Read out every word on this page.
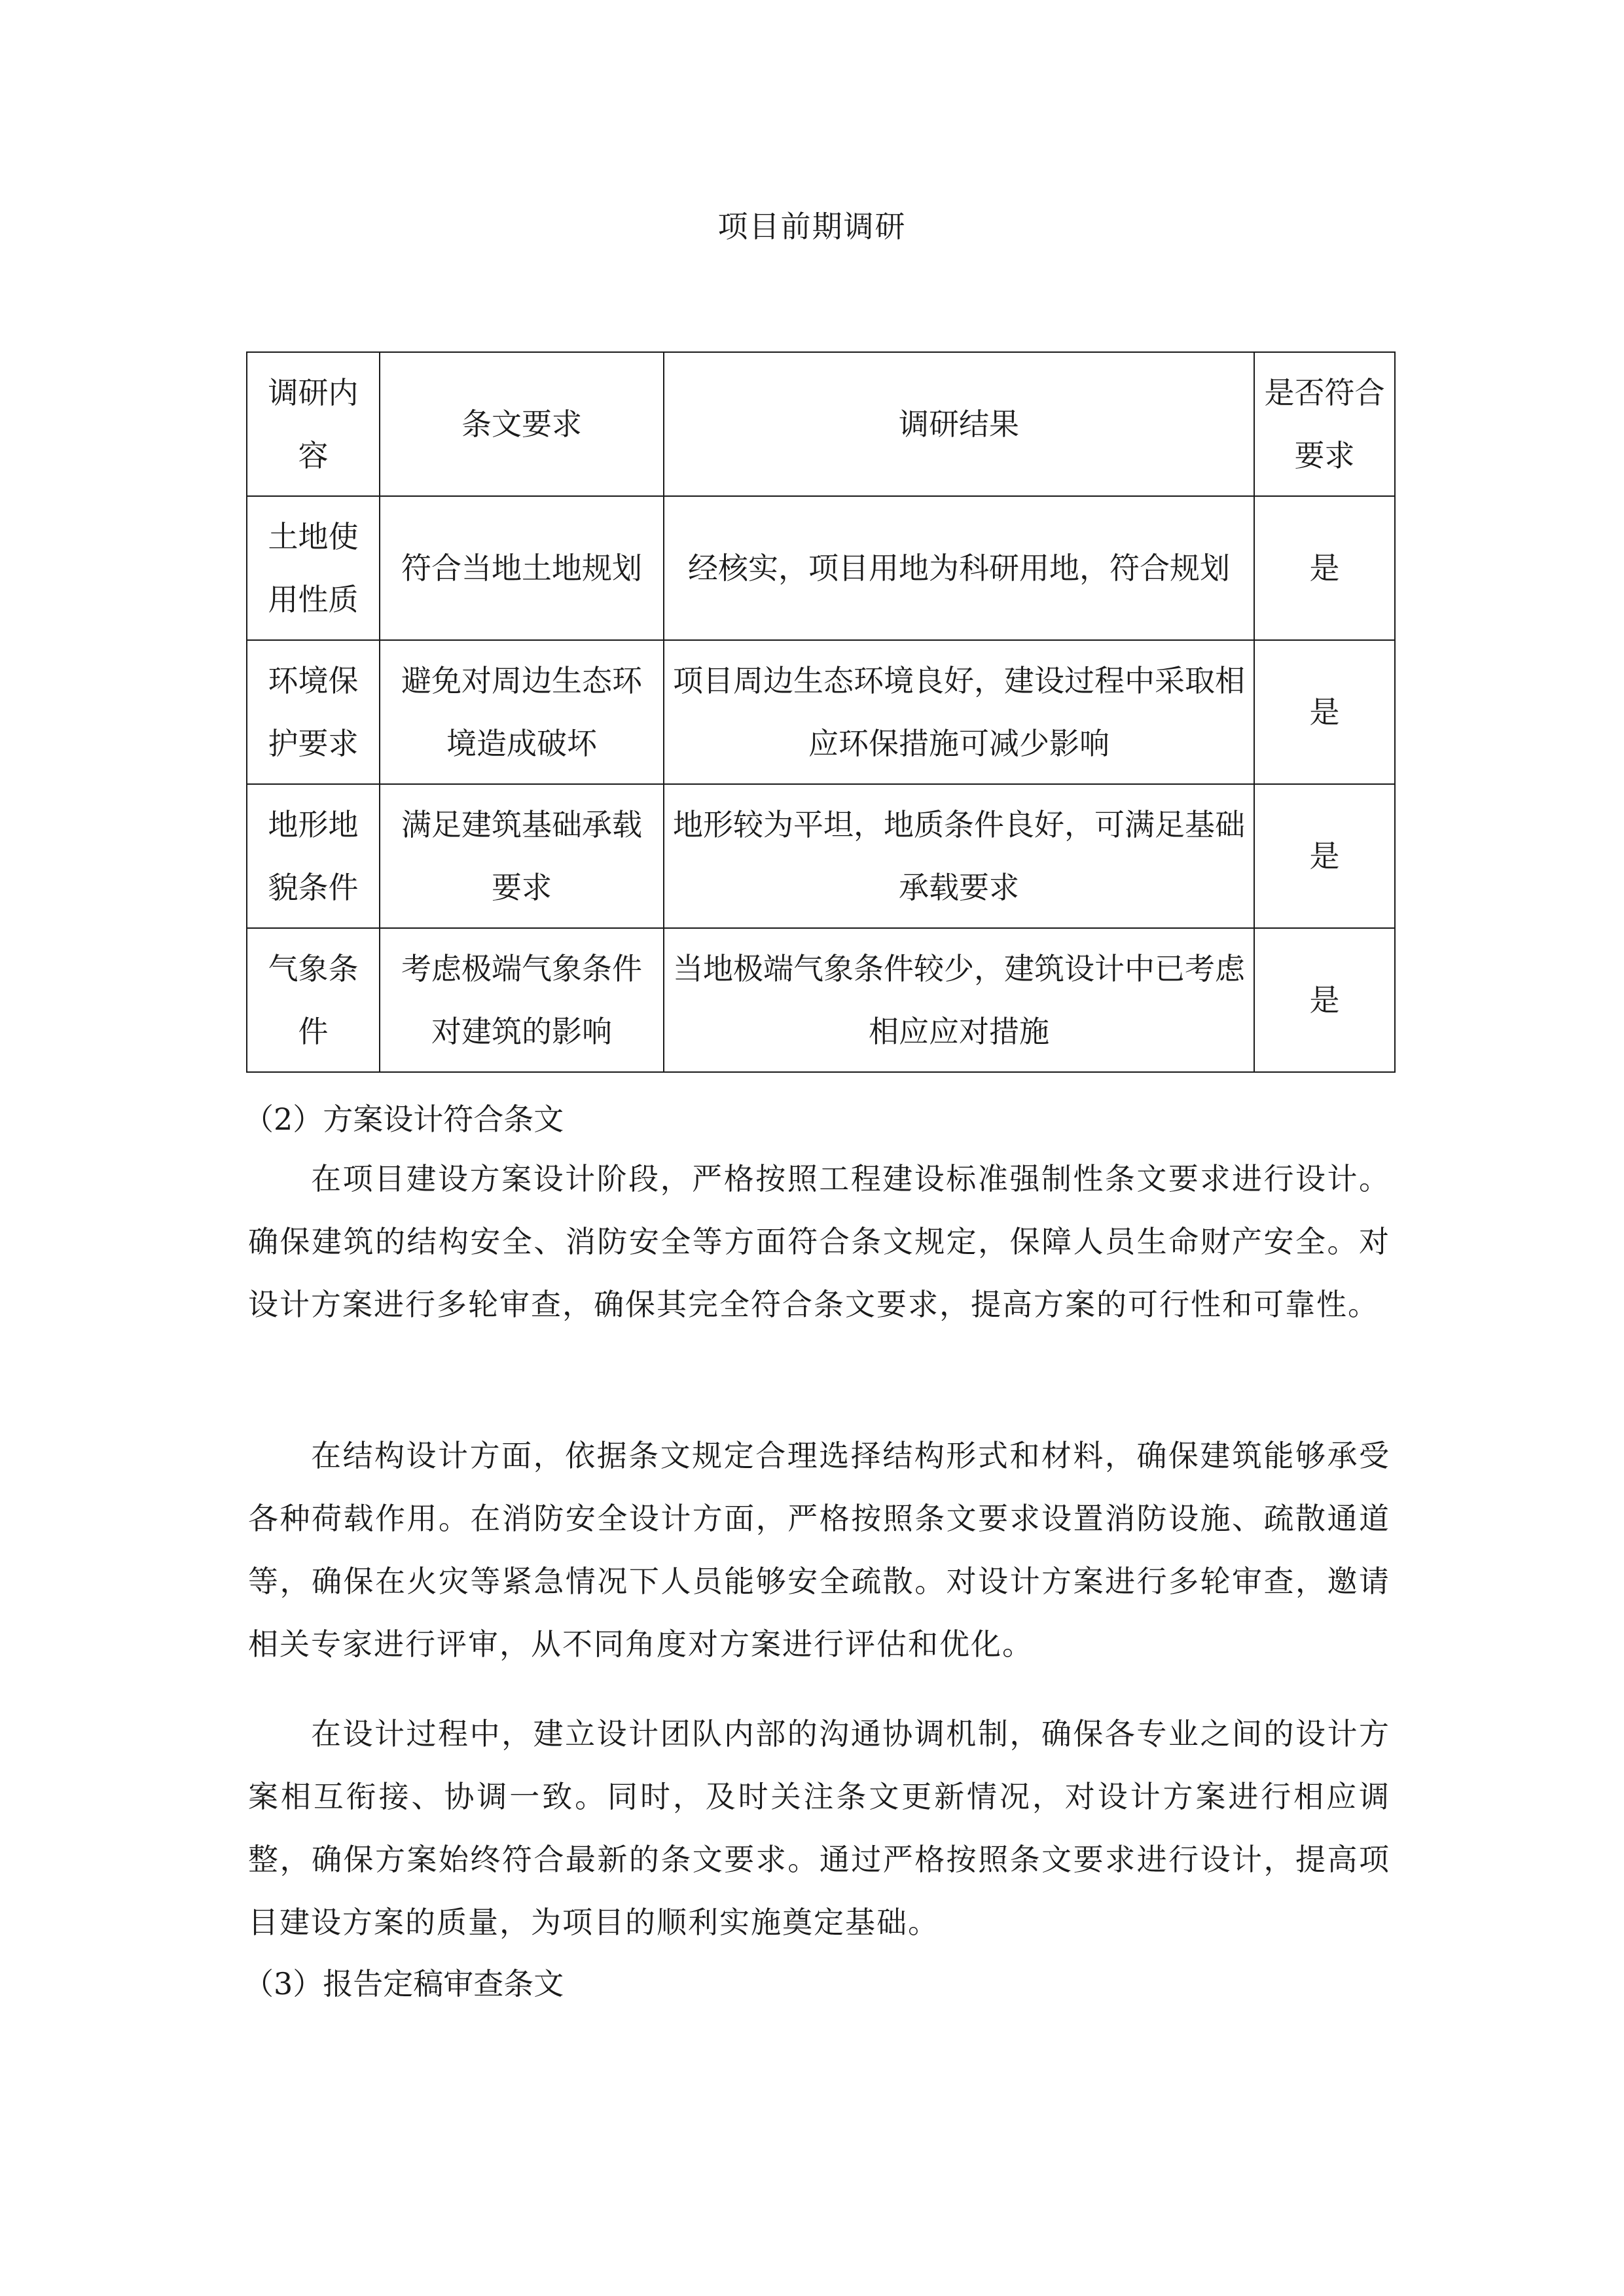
项目前期调研
调研内容	条文要求	调研结果	是否符合要求
土地使用性质	符合当地土地规划	经核实，项目用地为科研用地，符合规划	是
环境保护要求	避免对周边生态环境造成破坏	项目周边生态环境良好，建设过程中采取相应环保措施可减少影响	是
地形地貌条件	满足建筑基础承载要求	地形较为平坦，地质条件良好，可满足基础承载要求	是
气象条件	考虑极端气象条件对建筑的影响	当地极端气象条件较少，建筑设计中已考虑相应应对措施	是
（2）方案设计符合条文

在项目建设方案设计阶段，严格按照工程建设标准强制性条文要求进行设计。确保建筑的结构安全、消防安全等方面符合条文规定，保障人员生命财产安全。对设计方案进行多轮审查，确保其完全符合条文要求，提高方案的可行性和可靠性。

在结构设计方面，依据条文规定合理选择结构形式和材料，确保建筑能够承受各种荷载作用。在消防安全设计方面，严格按照条文要求设置消防设施、疏散通道等，确保在火灾等紧急情况下人员能够安全疏散。对设计方案进行多轮审查，邀请相关专家进行评审，从不同角度对方案进行评估和优化。

在设计过程中，建立设计团队内部的沟通协调机制，确保各专业之间的设计方案相互衔接、协调一致。同时，及时关注条文更新情况，对设计方案进行相应调整，确保方案始终符合最新的条文要求。通过严格按照条文要求进行设计，提高项目建设方案的质量，为项目的顺利实施奠定基础。

（3）报告定稿审查条文
